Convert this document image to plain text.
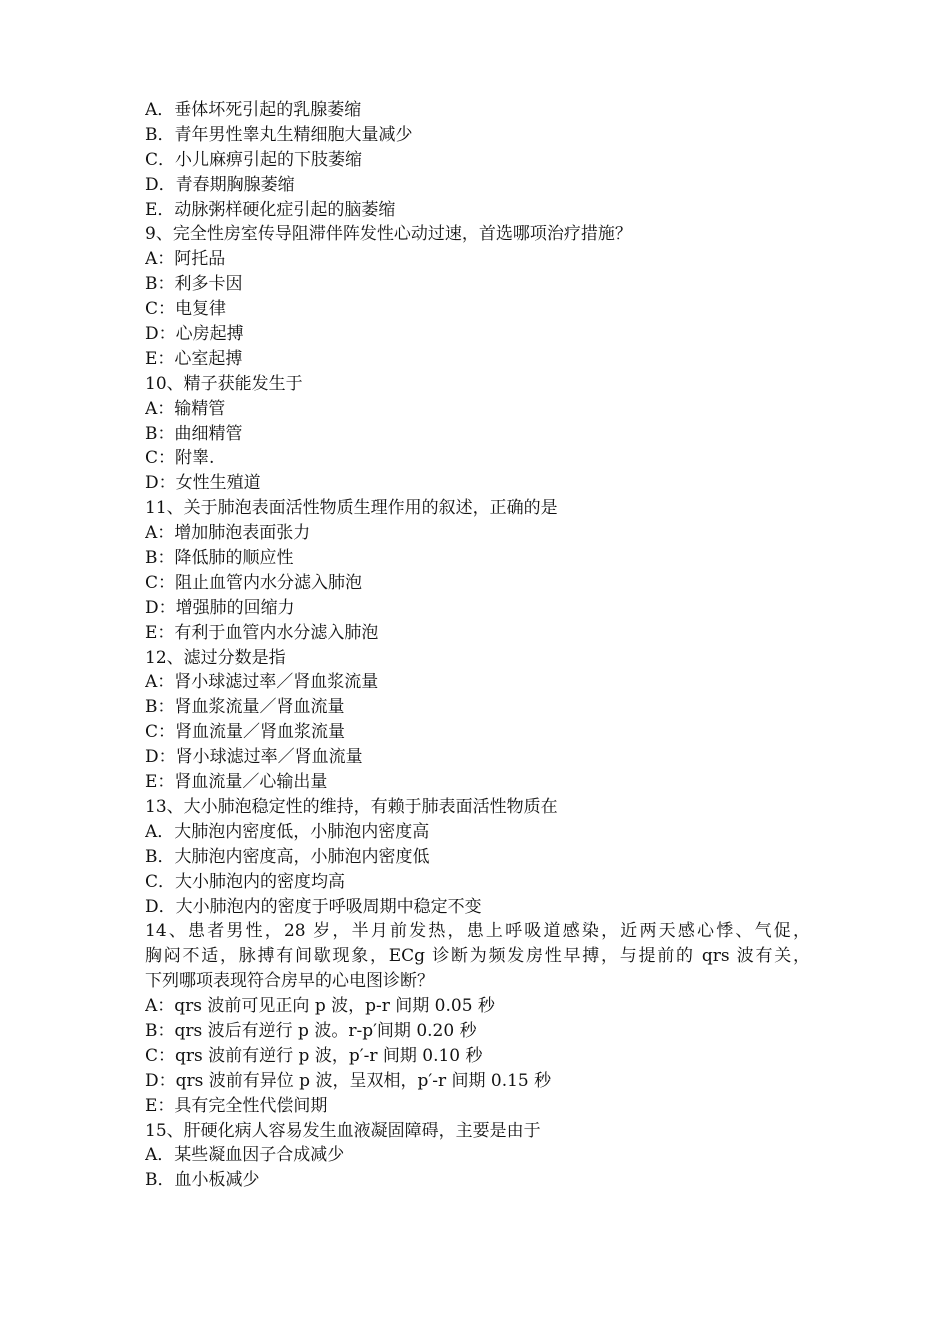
A．垂体坏死引起的乳腺萎缩
B．青年男性睾丸生精细胞大量减少
C．小儿麻痹引起的下肢萎缩
D．青春期胸腺萎缩
E．动脉粥样硬化症引起的脑萎缩
9、完全性房室传导阻滞伴阵发性心动过速，首选哪项治疗措施？
A：阿托品
B：利多卡因
C：电复律
D：心房起搏
E：心室起搏
10、精子获能发生于
A：输精管
B：曲细精管
C：附睾.
D：女性生殖道
11、关于肺泡表面活性物质生理作用的叙述，正确的是
A：增加肺泡表面张力
B：降低肺的顺应性
C：阻止血管内水分滤入肺泡
D：增强肺的回缩力
E：有利于血管内水分滤入肺泡
12、滤过分数是指
A：肾小球滤过率／肾血浆流量
B：肾血浆流量／肾血流量
C：肾血流量／肾血浆流量
D：肾小球滤过率／肾血流量
E：肾血流量／心输出量
13、大小肺泡稳定性的维持，有赖于肺表面活性物质在
A．大肺泡内密度低，小肺泡内密度高
B．大肺泡内密度高，小肺泡内密度低
C．大小肺泡内的密度均高
D．大小肺泡内的密度于呼吸周期中稳定不变
14、患者男性，28 岁，半月前发热，患上呼吸道感染，近两天感心悸、气促，
胸闷不适，脉搏有间歇现象，ECg 诊断为频发房性早搏，与提前的 qrs 波有关，
下列哪项表现符合房早的心电图诊断？
A：qrs 波前可见正向 p 波，p-r 间期 0.05 秒
B：qrs 波后有逆行 p 波。r-p′间期 0.20 秒
C：qrs 波前有逆行 p 波，p′-r 间期 0.10 秒
D：qrs 波前有异位 p 波，呈双相，p′-r 间期 0.15 秒
E：具有完全性代偿间期
15、肝硬化病人容易发生血液凝固障碍，主要是由于
A．某些凝血因子合成减少
B．血小板减少
